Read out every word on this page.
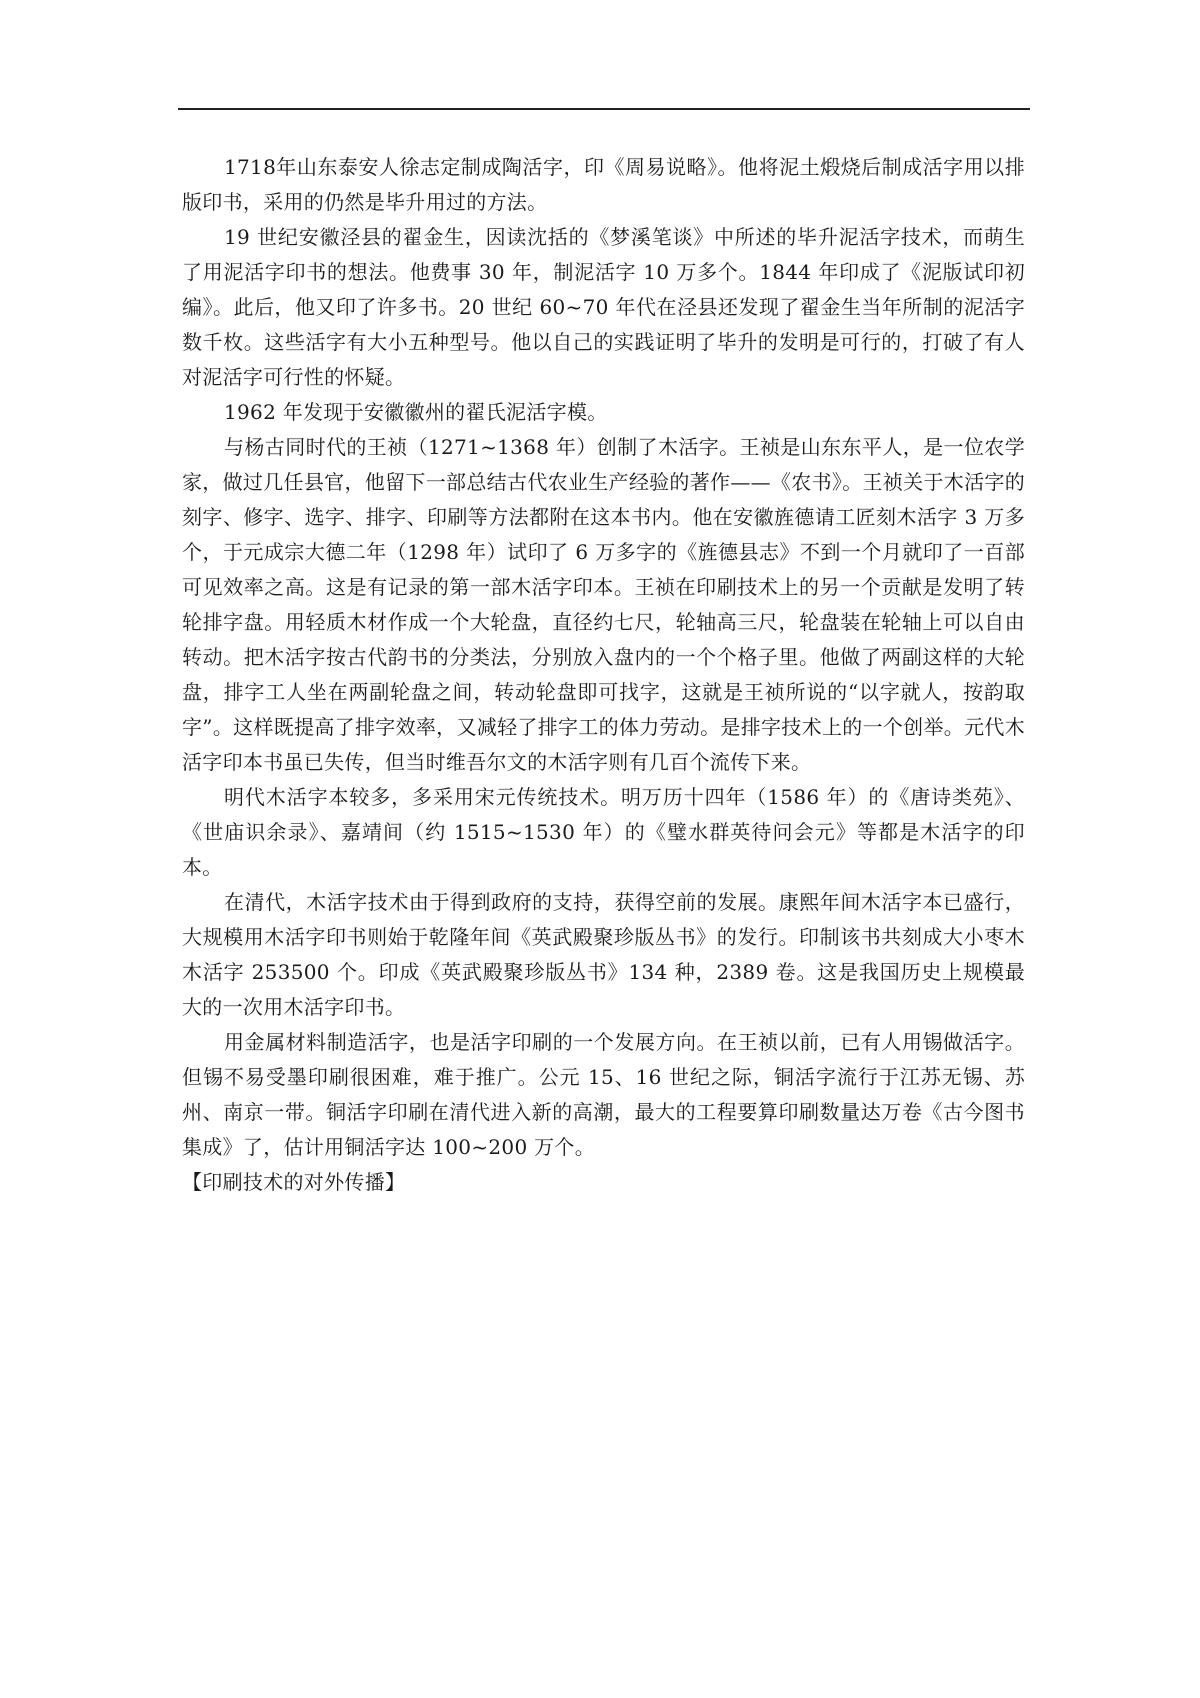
1718年山东泰安人徐志定制成陶活字，印《周易说略》。他将泥土煅烧后制成活字用以排版印书，采用的仍然是毕升用过的方法。

19 世纪安徽泾县的翟金生，因读沈括的《梦溪笔谈》中所述的毕升泥活字技术，而萌生了用泥活字印书的想法。他费事 30 年，制泥活字 10 万多个。1844 年印成了《泥版试印初编》。此后，他又印了许多书。20 世纪 60~70 年代在泾县还发现了翟金生当年所制的泥活字数千枚。这些活字有大小五种型号。他以自己的实践证明了毕升的发明是可行的，打破了有人对泥活字可行性的怀疑。

1962 年发现于安徽徽州的翟氏泥活字模。

与杨古同时代的王祯（1271~1368 年）创制了木活字。王祯是山东东平人，是一位农学家，做过几任县官，他留下一部总结古代农业生产经验的著作——《农书》。王祯关于木活字的刻字、修字、选字、排字、印刷等方法都附在这本书内。他在安徽旌德请工匠刻木活字 3 万多个，于元成宗大德二年（1298 年）试印了 6 万多字的《旌德县志》不到一个月就印了一百部可见效率之高。这是有记录的第一部木活字印本。王祯在印刷技术上的另一个贡献是发明了转轮排字盘。用轻质木材作成一个大轮盘，直径约七尺，轮轴高三尺，轮盘装在轮轴上可以自由转动。把木活字按古代韵书的分类法，分别放入盘内的一个个格子里。他做了两副这样的大轮盘，排字工人坐在两副轮盘之间，转动轮盘即可找字，这就是王祯所说的“以字就人，按韵取字”。这样既提高了排字效率，又减轻了排字工的体力劳动。是排字技术上的一个创举。元代木活字印本书虽已失传，但当时维吾尔文的木活字则有几百个流传下来。

明代木活字本较多，多采用宋元传统技术。明万历十四年（1586 年）的《唐诗类苑》、《世庙识余录》、嘉靖间（约 1515~1530 年）的《璧水群英待问会元》等都是木活字的印本。

在清代，木活字技术由于得到政府的支持，获得空前的发展。康熙年间木活字本已盛行，大规模用木活字印书则始于乾隆年间《英武殿聚珍版丛书》的发行。印制该书共刻成大小枣木木活字 253500 个。印成《英武殿聚珍版丛书》134 种，2389 卷。这是我国历史上规模最大的一次用木活字印书。

用金属材料制造活字，也是活字印刷的一个发展方向。在王祯以前，已有人用锡做活字。但锡不易受墨印刷很困难，难于推广。公元 15、16 世纪之际，铜活字流行于江苏无锡、苏州、南京一带。铜活字印刷在清代进入新的高潮，最大的工程要算印刷数量达万卷《古今图书集成》了，估计用铜活字达 100~200 万个。

【印刷技术的对外传播】
